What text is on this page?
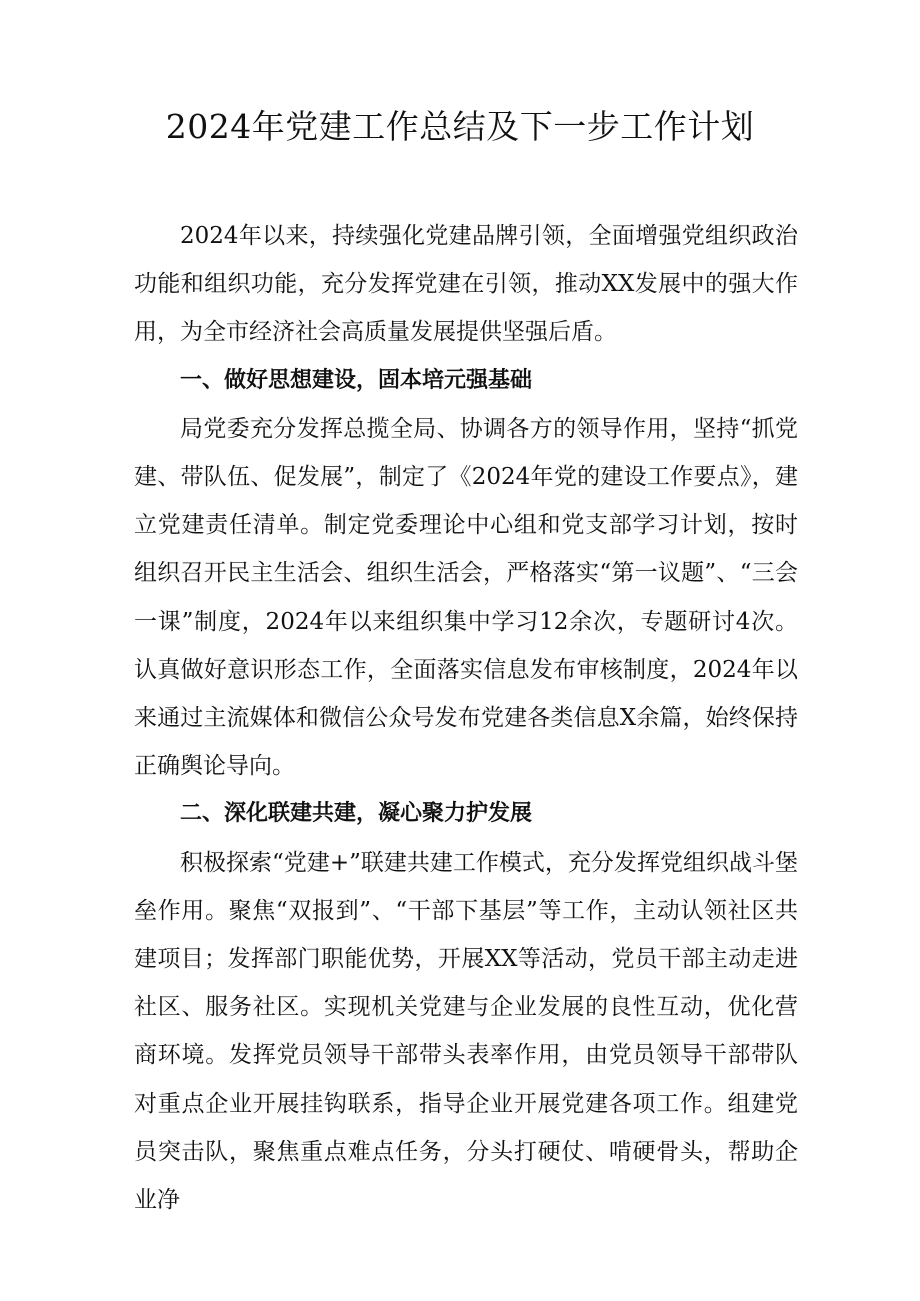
2024年党建工作总结及下一步工作计划

2024年以来，持续强化党建品牌引领，全面增强党组织政治功能和组织功能，充分发挥党建在引领，推动XX发展中的强大作用，为全市经济社会高质量发展提供坚强后盾。

一、做好思想建设，固本培元强基础

局党委充分发挥总揽全局、协调各方的领导作用，坚持“抓党建、带队伍、促发展”，制定了《2024年党的建设工作要点》，建立党建责任清单。制定党委理论中心组和党支部学习计划，按时组织召开民主生活会、组织生活会，严格落实“第一议题”、“三会一课”制度，2024年以来组织集中学习12余次，专题研讨4次。认真做好意识形态工作，全面落实信息发布审核制度，2024年以来通过主流媒体和微信公众号发布党建各类信息X余篇，始终保持正确舆论导向。

二、深化联建共建，凝心聚力护发展

积极探索“党建+”联建共建工作模式，充分发挥党组织战斗堡垒作用。聚焦“双报到”、“干部下基层”等工作，主动认领社区共建项目；发挥部门职能优势，开展XX等活动，党员干部主动走进社区、服务社区。实现机关党建与企业发展的良性互动，优化营商环境。发挥党员领导干部带头表率作用，由党员领导干部带队对重点企业开展挂钩联系，指导企业开展党建各项工作。组建党员突击队，聚焦重点难点任务，分头打硬仗、啃硬骨头，帮助企业净
